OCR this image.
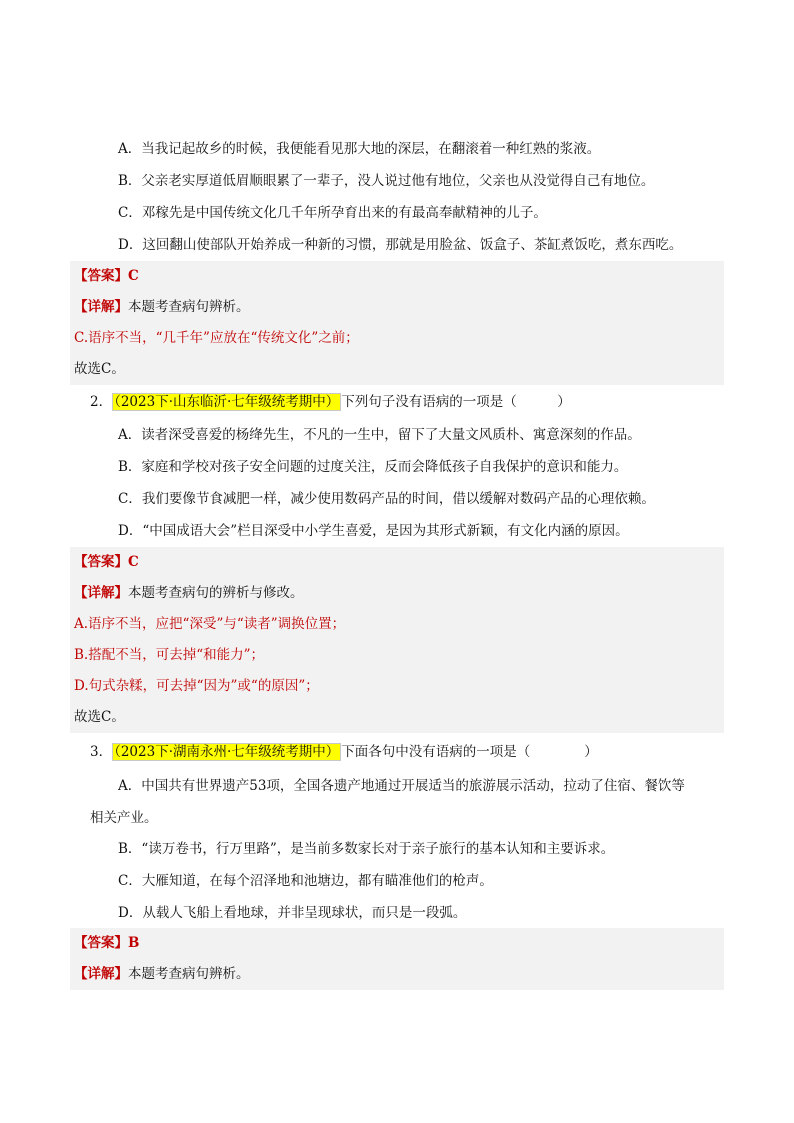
A．当我记起故乡的时候，我便能看见那大地的深层，在翻滚着一种红熟的浆液。
B．父亲老实厚道低眉顺眼累了一辈子，没人说过他有地位，父亲也从没觉得自己有地位。
C．邓稼先是中国传统文化几千年所孕育出来的有最高奉献精神的儿子。
D．这回翻山使部队开始养成一种新的习惯，那就是用脸盆、饭盒子、茶缸煮饭吃，煮东西吃。
【答案】C
【详解】本题考查病句辨析。
C.语序不当，“几千年”应放在“传统文化”之前；
故选C。
2． （2023下·山东临沂·七年级统考期中） 下列句子没有语病的一项是（　　　）
A．读者深受喜爱的杨绛先生，不凡的一生中，留下了大量文风质朴、寓意深刻的作品。
B．家庭和学校对孩子安全问题的过度关注，反而会降低孩子自我保护的意识和能力。
C．我们要像节食减肥一样，减少使用数码产品的时间，借以缓解对数码产品的心理依赖。
D．“中国成语大会”栏目深受中小学生喜爱，是因为其形式新颖，有文化内涵的原因。
【答案】C
【详解】本题考查病句的辨析与修改。
A.语序不当，应把“深受”与“读者”调换位置；
B.搭配不当，可去掉“和能力”；
D.句式杂糅，可去掉“因为”或“的原因”；
故选C。
3． （2023下·湖南永州·七年级统考期中） 下面各句中没有语病的一项是（　　　　）
A．中国共有世界遗产53项，全国各遗产地通过开展适当的旅游展示活动，拉动了住宿、餐饮等相关产业。
B．“读万卷书，行万里路”，是当前多数家长对于亲子旅行的基本认知和主要诉求。
C．大雁知道，在每个沼泽地和池塘边，都有瞄准他们的枪声。
D．从载人飞船上看地球，并非呈现球状，而只是一段弧。
【答案】B
【详解】本题考查病句辨析。
